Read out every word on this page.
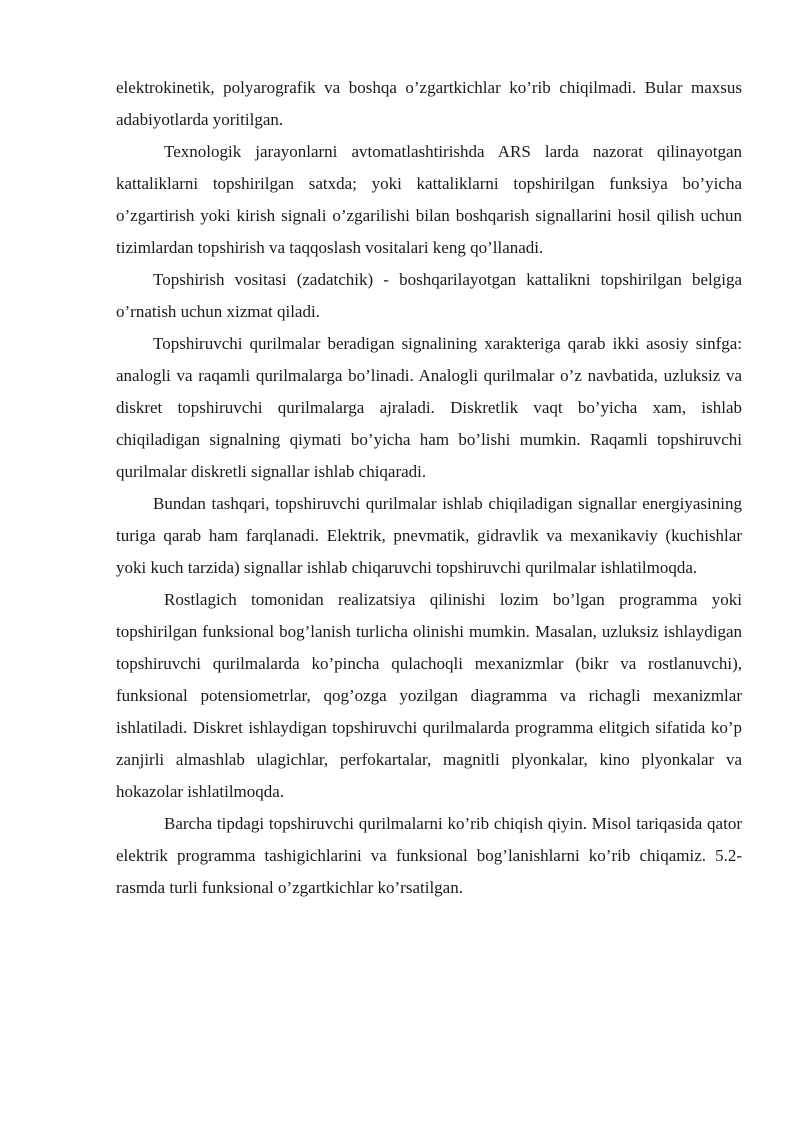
elektrokinetik, polyarografik va boshqa o’zgartkichlar ko’rib chiqilmadi. Bular maxsus adabiyotlarda yoritilgan.

Texnologik jarayonlarni avtomatlashtirishda ARS larda nazorat qilinayotgan kattaliklarni topshirilgan satxda; yoki kattaliklarni topshirilgan funksiya bo’yicha o’zgartirish yoki kirish signali o’zgarilishi bilan boshqarish signallarini hosil qilish uchun tizimlardan topshirish va taqqoslash vositalari keng qo’llanadi.

Topshirish vositasi (zadatchik) - boshqarilayotgan kattalikni topshirilgan belgiga o’rnatish uchun xizmat qiladi.

Topshiruvchi qurilmalar beradigan signalining xarakteriga qarab ikki asosiy sinfga: analogli va raqamli qurilmalarga bo’linadi. Analogli qurilmalar o’z navbatida, uzluksiz va diskret topshiruvchi qurilmalarga ajraladi. Diskretlik vaqt bo’yicha xam, ishlab chiqiladigan signalning qiymati bo’yicha ham bo’lishi mumkin. Raqamli topshiruvchi qurilmalar diskretli signallar ishlab chiqaradi.

Bundan tashqari, topshiruvchi qurilmalar ishlab chiqiladigan signallar energiyasining turiga qarab ham farqlanadi. Elektrik, pnevmatik, gidravlik va mexanikaviy (kuchishlar yoki kuch tarzida) signallar ishlab chiqaruvchi topshiruvchi qurilmalar ishlatilmoqda.

Rostlagich tomonidan realizatsiya qilinishi lozim bo’lgan programma yoki topshirilgan funksional bog’lanish turlicha olinishi mumkin. Masalan, uzluksiz ishlaydigan topshiruvchi qurilmalarda ko’pincha qulachoqli mexanizmlar (bikr va rostlanuvchi), funksional potensiometrlar, qog’ozga yozilgan diagramma va richagli mexanizmlar ishlatiladi. Diskret ishlaydigan topshiruvchi qurilmalarda programma elitgich sifatida ko’p zanjirli almashlab ulagichlar, perfokartalar, magnitli plyonkalar, kino plyonkalar va hokazolar ishlatilmoqda.

Barcha tipdagi topshiruvchi qurilmalarni ko’rib chiqish qiyin. Misol tariqasida qator elektrik programma tashigichlarini va funksional bog’lanishlarni ko’rib chiqamiz. 5.2-rasmda turli funksional o’zgartkichlar ko’rsatilgan.
